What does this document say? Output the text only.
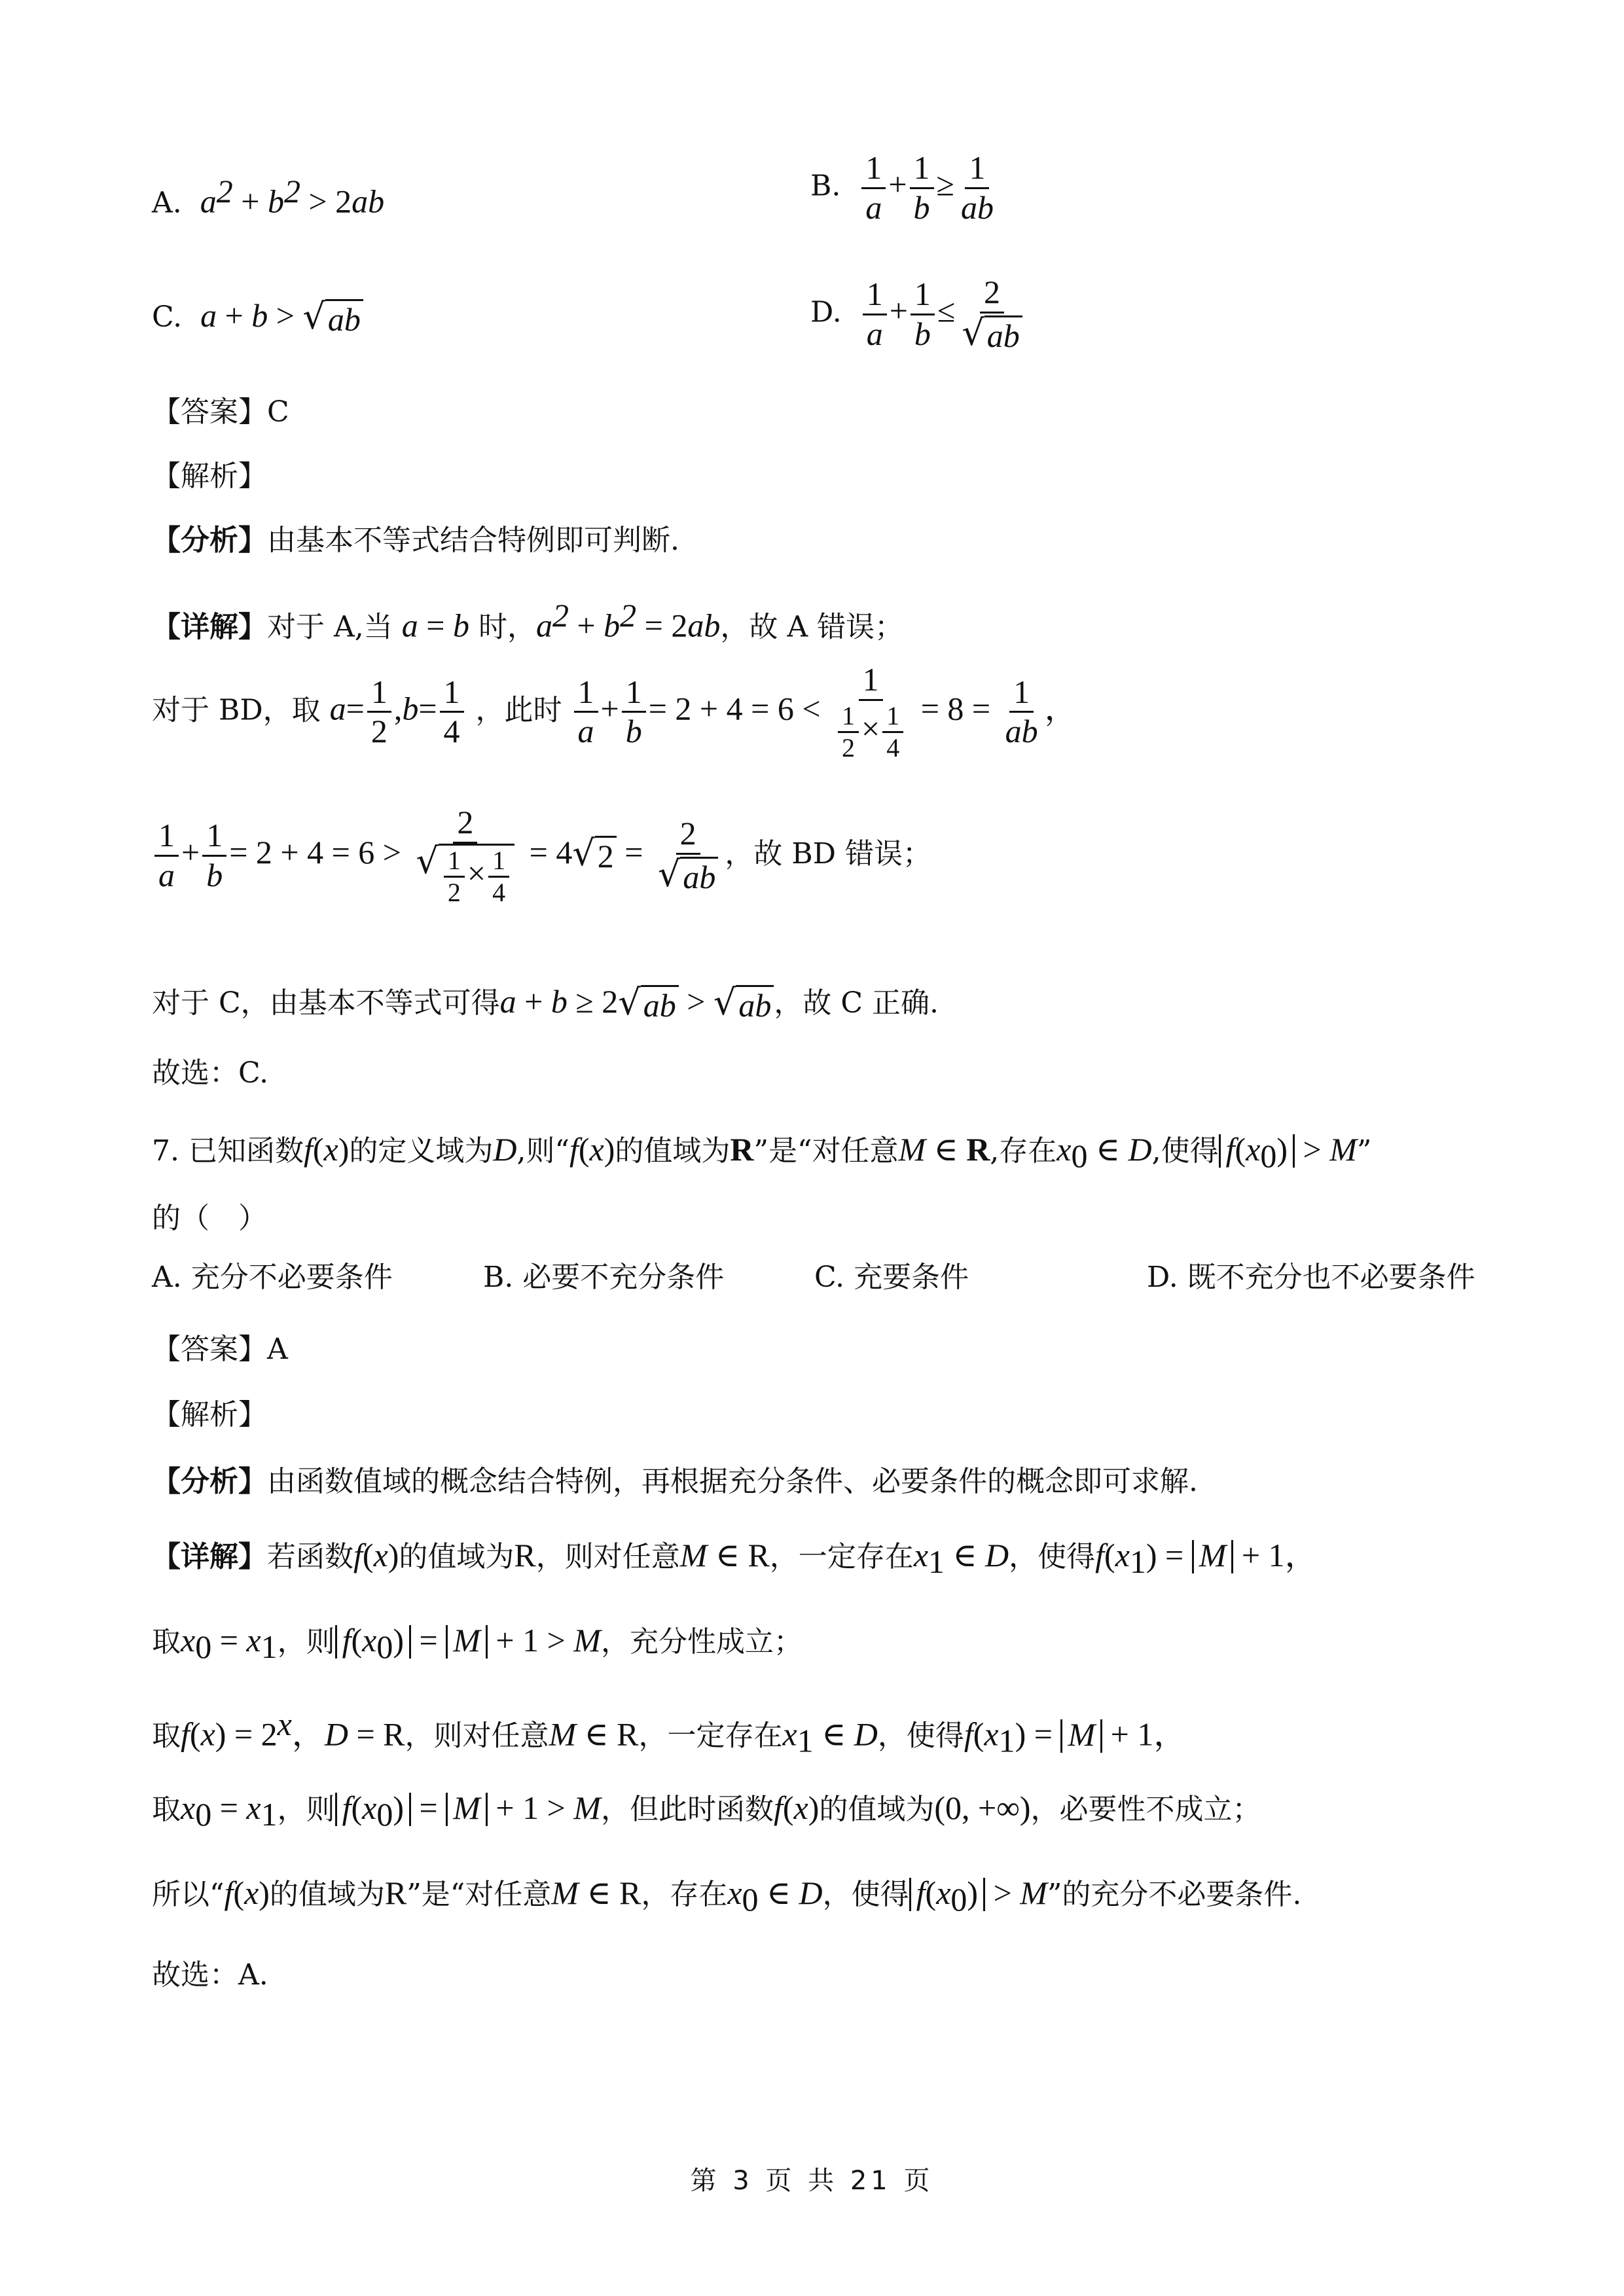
A. $a^2 + b^2 > 2ab$	B. $\frac{1}{a} + \frac{1}{b} \ge \frac{1}{ab}$
C. a + b > √ ab	D. $\frac{1}{a} + \frac{1}{b} \le \frac{2}{√ ab}$
【答案】C
【解析】
【分析】由基本不等式结合特例即可判断.
【详解】对于 A,当 a = b 时，$a^2 + b^2 = 2ab$，故 A 错误；
对于 BD，取 $a= \frac{1}{2} ,b= \frac{1}{4}$ ，此时 $\frac{1}{a} + \frac{1}{b} = 2 + 4 = 6 < \frac{1}{\frac{1}{2} \times \frac{1}{4}} = 8 = \frac{1}{ab}$ ，
$\frac{1}{a} + \frac{1}{b} = 2 + 4 = 6 > \frac{2}{√ \frac{1}{2} \times \frac{1}{4}} = 4$ √ $2 = \frac{2}{√ ab}$ ，故 BD 错误；
对于 C，由基本不等式可得a + b ≥ 2 √ ab > √ ab ，故 C 正确.
故选：C.
7. 已知函数f(x)的定义域为D,则“f(x)的值域为R”是“对任意M ∈ R,存在$x_0$ ∈ D,使得 $f(x_0) > M$”
的（　）
A. 充分不必要条件	B. 必要不充分条件	C. 充要条件	D. 既不充分也不必要条件
【答案】A
【解析】
【分析】由函数值域的概念结合特例，再根据充分条件、必要条件的概念即可求解.
【详解】若函数f(x)的值域为R，则对任意M ∈ R，一定存在$x_1$ ∈ D，使得$f(x_1) = M + 1$，
取$x_0 = x_1$，则 $f(x_0) = M + 1 > M$，充分性成立；
取$f(x) = 2^x$，D = R，则对任意M ∈ R，一定存在$x_1$ ∈ D，使得$f(x_1) = M + 1$，
取$x_0 = x_1$，则 $f(x_0) = M + 1 > M$，但此时函数f(x)的值域为(0, +∞)，必要性不成立；
所以“f(x)的值域为R”是“对任意M ∈ R，存在$x_0$ ∈ D，使得 $f(x_0) > M$”的充分不必要条件.
故选：A.
第 3 页 共 21 页
